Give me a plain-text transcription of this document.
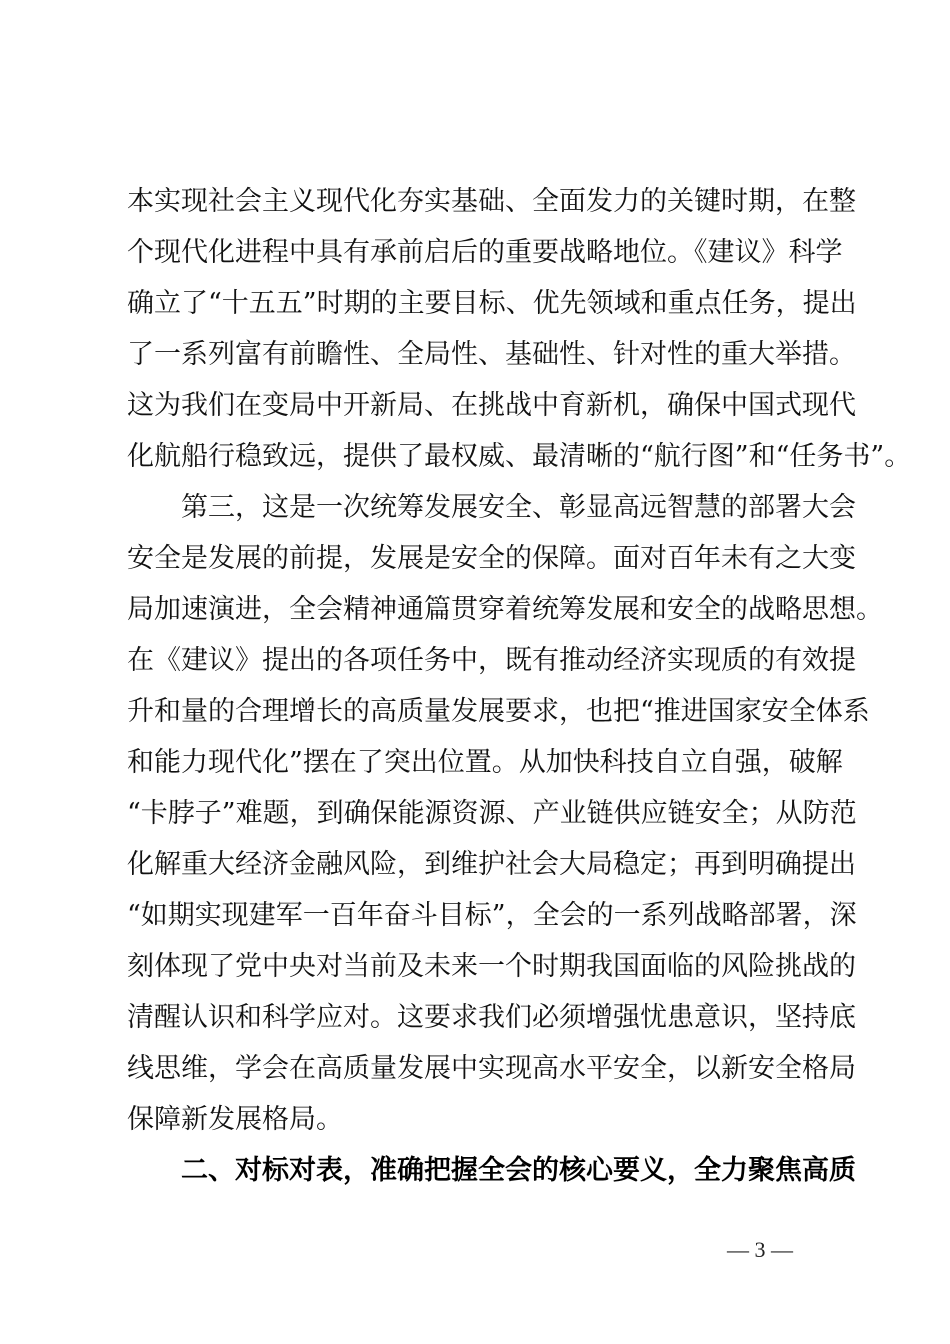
本实现社会主义现代化夯实基础、全面发力的关键时期，在整
个现代化进程中具有承前启后的重要战略地位。《建议》科学
确立了“十五五”时期的主要目标、优先领域和重点任务，提出
了一系列富有前瞻性、全局性、基础性、针对性的重大举措。
这为我们在变局中开新局、在挑战中育新机，确保中国式现代
化航船行稳致远，提供了最权威、最清晰的“航行图”和“任务书”。
　　第三，这是一次统筹发展安全、彰显高远智慧的部署大会
安全是发展的前提，发展是安全的保障。面对百年未有之大变
局加速演进，全会精神通篇贯穿着统筹发展和安全的战略思想。
在《建议》提出的各项任务中，既有推动经济实现质的有效提
升和量的合理增长的高质量发展要求，也把“推进国家安全体系
和能力现代化”摆在了突出位置。从加快科技自立自强，破解
“卡脖子”难题，到确保能源资源、产业链供应链安全；从防范
化解重大经济金融风险，到维护社会大局稳定；再到明确提出
“如期实现建军一百年奋斗目标”，全会的一系列战略部署，深
刻体现了党中央对当前及未来一个时期我国面临的风险挑战的
清醒认识和科学应对。这要求我们必须增强忧患意识，坚持底
线思维，学会在高质量发展中实现高水平安全，以新安全格局
保障新发展格局。
　　二、对标对表，准确把握全会的核心要义，全力聚焦高质
— 3 —
